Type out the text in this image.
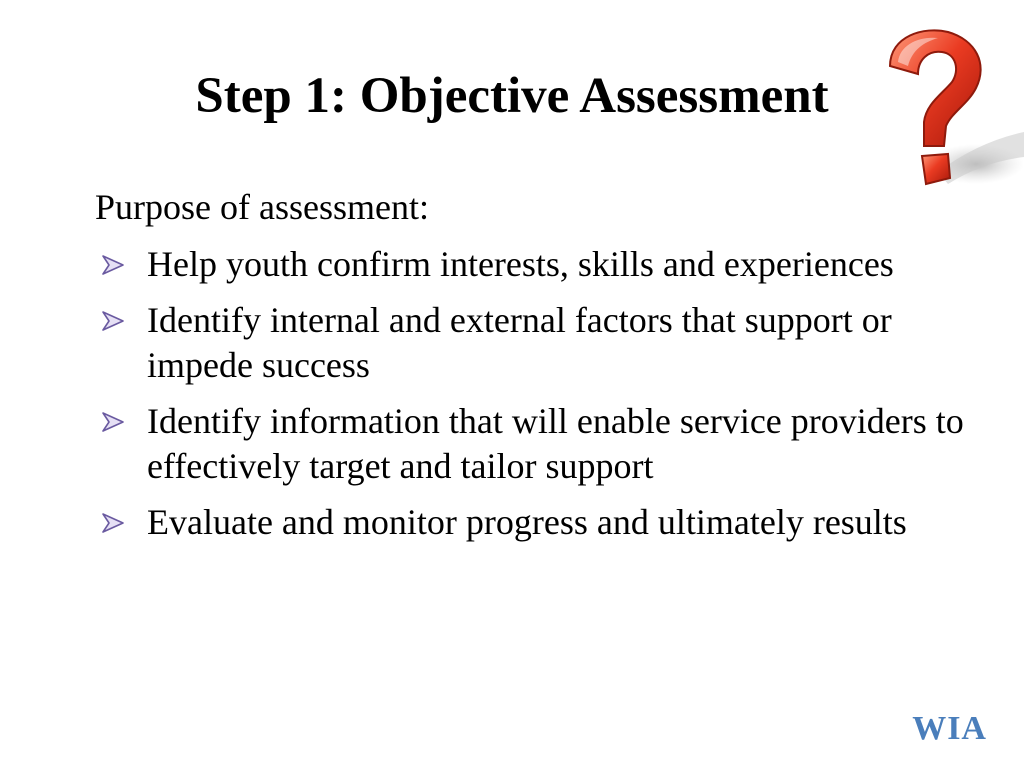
Step 1: Objective Assessment

Purpose of assessment:

Help youth confirm interests, skills and experiences
Identify internal and external factors that support or impede success
Identify information that will enable service providers to effectively target and tailor support
Evaluate and monitor progress and ultimately results
WIA
